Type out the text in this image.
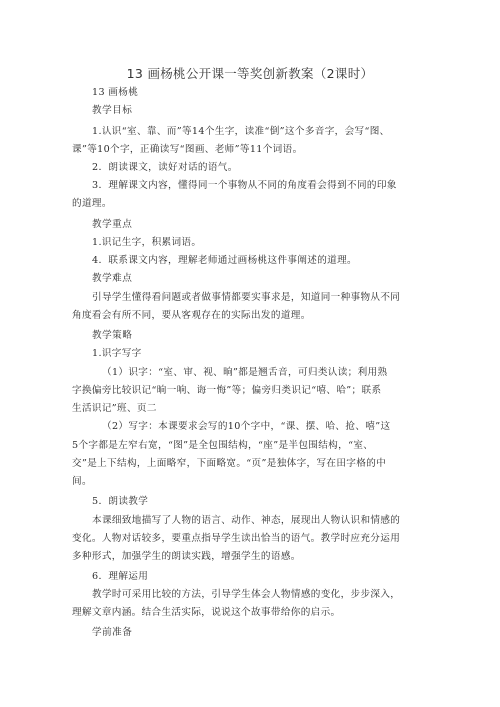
13 画杨桃公开课一等奖创新教案（2课时）
13 画杨桃
教学目标
1.认识“室、靠、而”等14个生字，读准“倒”这个多音字，会写“图、
课”等10个字，正确读写“图画、老师”等11个词语。
2．朗读课文，读好对话的语气。
3．理解课文内容，懂得同一个事物从不同的角度看会得到不同的印象
的道理。
教学重点
1.识记生字，积累词语。
4．联系课文内容，理解老师通过画杨桃这件事阐述的道理。
教学难点
引导学生懂得看问题或者做事情都要实事求是，知道同一种事物从不同
角度看会有所不同，要从客观存在的实际出发的道理。
教学策略
1.识字写字
（1）识字：“室、审、视、晌”都是翘舌音，可归类认读；利用熟
字换偏旁比较识记“晌一响、诲一悔”等；偏旁归类识记“嘻、哈”；联系
生活识记”班、页二
（2）写字：本课要求会写的10个字中，“课、摆、哈、抢、嘻”这
5个字都是左窄右宽，“图”是全包围结构，“座”是半包围结构，“室、
交”是上下结构，上面略窄，下面略宽。“页”是独体字，写在田字格的中
间。
5．朗读教学
本课细致地描写了人物的语言、动作、神态，展现出人物认识和情感的
变化。人物对话较多，要重点指导学生读出恰当的语气。教学时应充分运用
多种形式，加强学生的朗读实践，增强学生的语感。
6．理解运用
教学时可采用比较的方法，引导学生体会人物情感的变化，步步深入，
理解文章内涵。结合生活实际，说说这个故事带给你的启示。
学前准备
